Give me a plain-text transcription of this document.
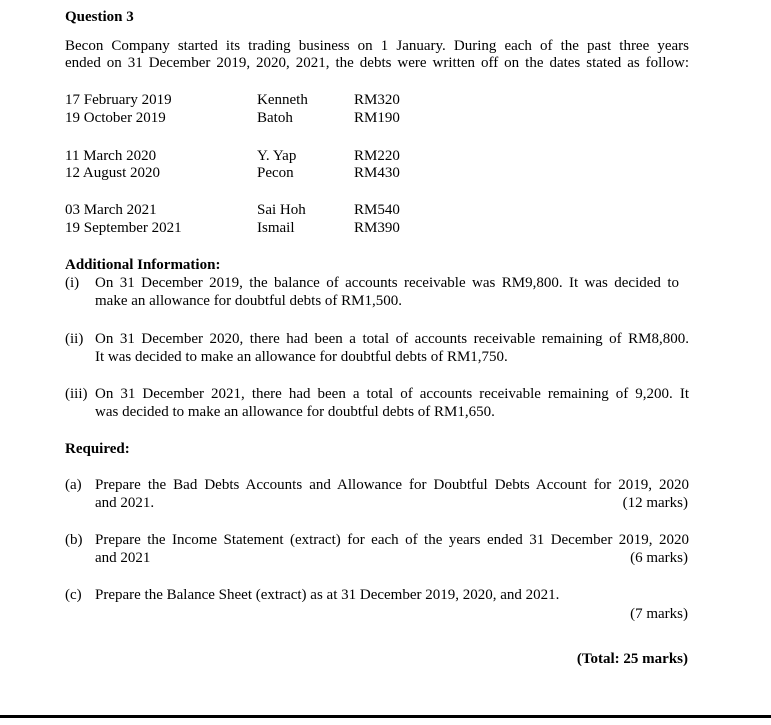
Question 3
Becon Company started its trading business on 1 January. During each of the past three years
ended on 31 December 2019, 2020, 2021, the debts were written off on the dates stated as follow:
17 February 2019	Kenneth	RM320
19 October 2019	Batoh	RM190
11 March 2020	Y. Yap	RM220
12 August 2020	Pecon	RM430
03 March 2021	Sai Hoh	RM540
19 September 2021	Ismail	RM390
Additional Information:
(i) On 31 December 2019, the balance of accounts receivable was RM9,800. It was decided to
make an allowance for doubtful debts of RM1,500.
(ii) On 31 December 2020, there had been a total of accounts receivable remaining of RM8,800.
It was decided to make an allowance for doubtful debts of RM1,750.
(iii) On 31 December 2021, there had been a total of accounts receivable remaining of 9,200. It
was decided to make an allowance for doubtful debts of RM1,650.
Required:
(a) Prepare the Bad Debts Accounts and Allowance for Doubtful Debts Account for 2019, 2020
and 2021.	(12 marks)
(b) Prepare the Income Statement (extract) for each of the years ended 31 December 2019, 2020
and 2021	(6 marks)
(c) Prepare the Balance Sheet (extract) as at 31 December 2019, 2020, and 2021.
(7 marks)
(Total: 25 marks)
